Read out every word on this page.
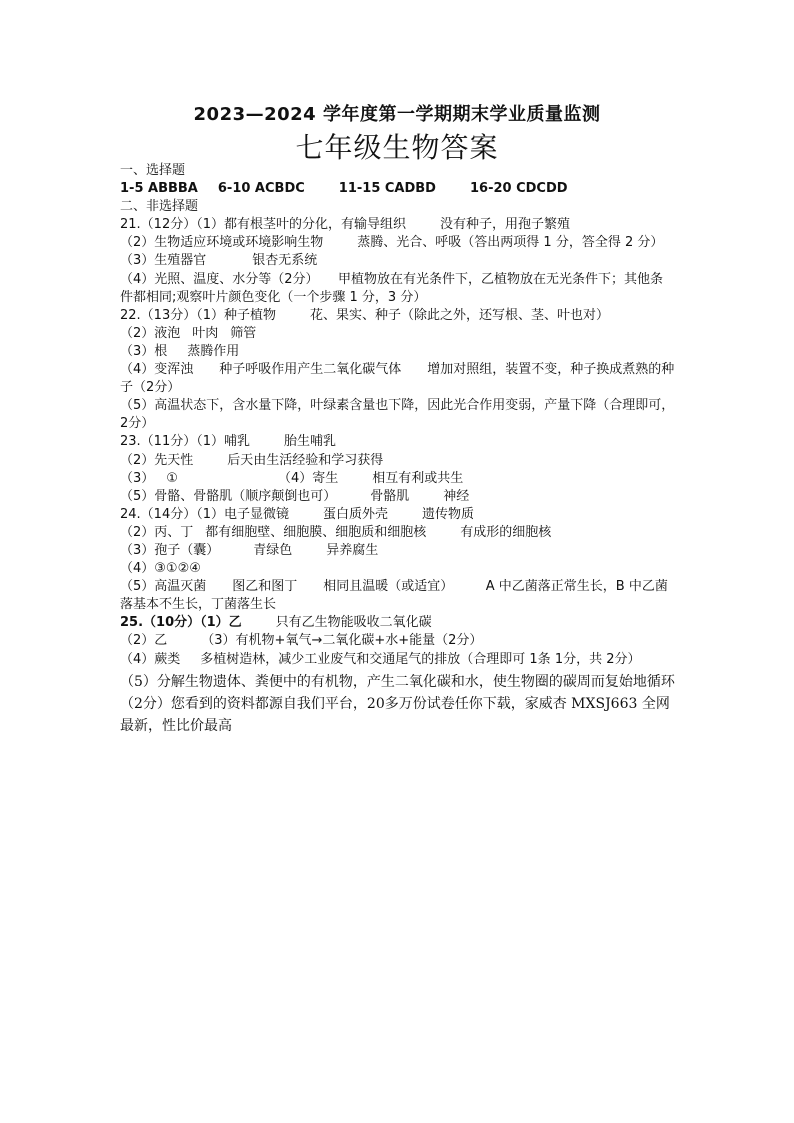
2023—2024 学年度第一学期期末学业质量监测
七年级生物答案
一、选择题
1-5 ABBBA 6-10 ACBDC	11-15 CADBD	16-20 CDCDD
二、非选择题
21.（12分）（1）都有根茎叶的分化，有输导组织	没有种子，用孢子繁殖
（2）生物适应环境或环境影响生物	蒸腾、光合、呼吸（答出两项得 1 分，答全得 2 分）
（3）生殖器官	银杏无系统
（4）光照、温度、水分等（2分）　　甲植物放在有光条件下，乙植物放在无光条件下；其他条件都相同;观察叶片颜色变化（一个步骤 1 分，3 分）
22.（13分）（1）种子植物	花、果实、种子（除此之外，还写根、茎、叶也对）
（2）液泡 叶肉 筛管
（3）根 蒸腾作用
（4）变浑浊　　种子呼吸作用产生二氧化碳气体　　增加对照组，装置不变，种子换成煮熟的种子（2分）
（5）高温状态下，含水量下降，叶绿素含量也下降，因此光合作用变弱，产量下降（合理即可，2分）
23.（11分）（1）哺乳	胎生哺乳
（2）先天性	后天由生活经验和学习获得
（3） ①	（4）寄生	相互有利或共生
（5）骨骼、骨骼肌（顺序颠倒也可）	骨骼肌	神经
24.（14分）（1）电子显微镜	蛋白质外壳	遗传物质
（2）丙、丁 都有细胞壁、细胞膜、细胞质和细胞核	有成形的细胞核
（3）孢子（囊）	青绿色	异养腐生
（4）③①②④
（5）高温灭菌　　图乙和图丁　　相同且温暖（或适宜）　　　A 中乙菌落正常生长，B 中乙菌落基本不生长，丁菌落生长
25.（10分）（1）乙	只有乙生物能吸收二氧化碳
（2）乙	（3）有机物+氧气→二氧化碳+水+能量（2分）
（4）蕨类 多植树造林，减少工业废气和交通尾气的排放（合理即可 1条 1分，共 2分）
（5）分解生物遗体、粪便中的有机物，产生二氧化碳和水，使生物圈的碳周而复始地循环（2分）您看到的资料都源自我们平台，20多万份试卷任你下载，家威杏 MXSJ663 全网最新，性比价最高
